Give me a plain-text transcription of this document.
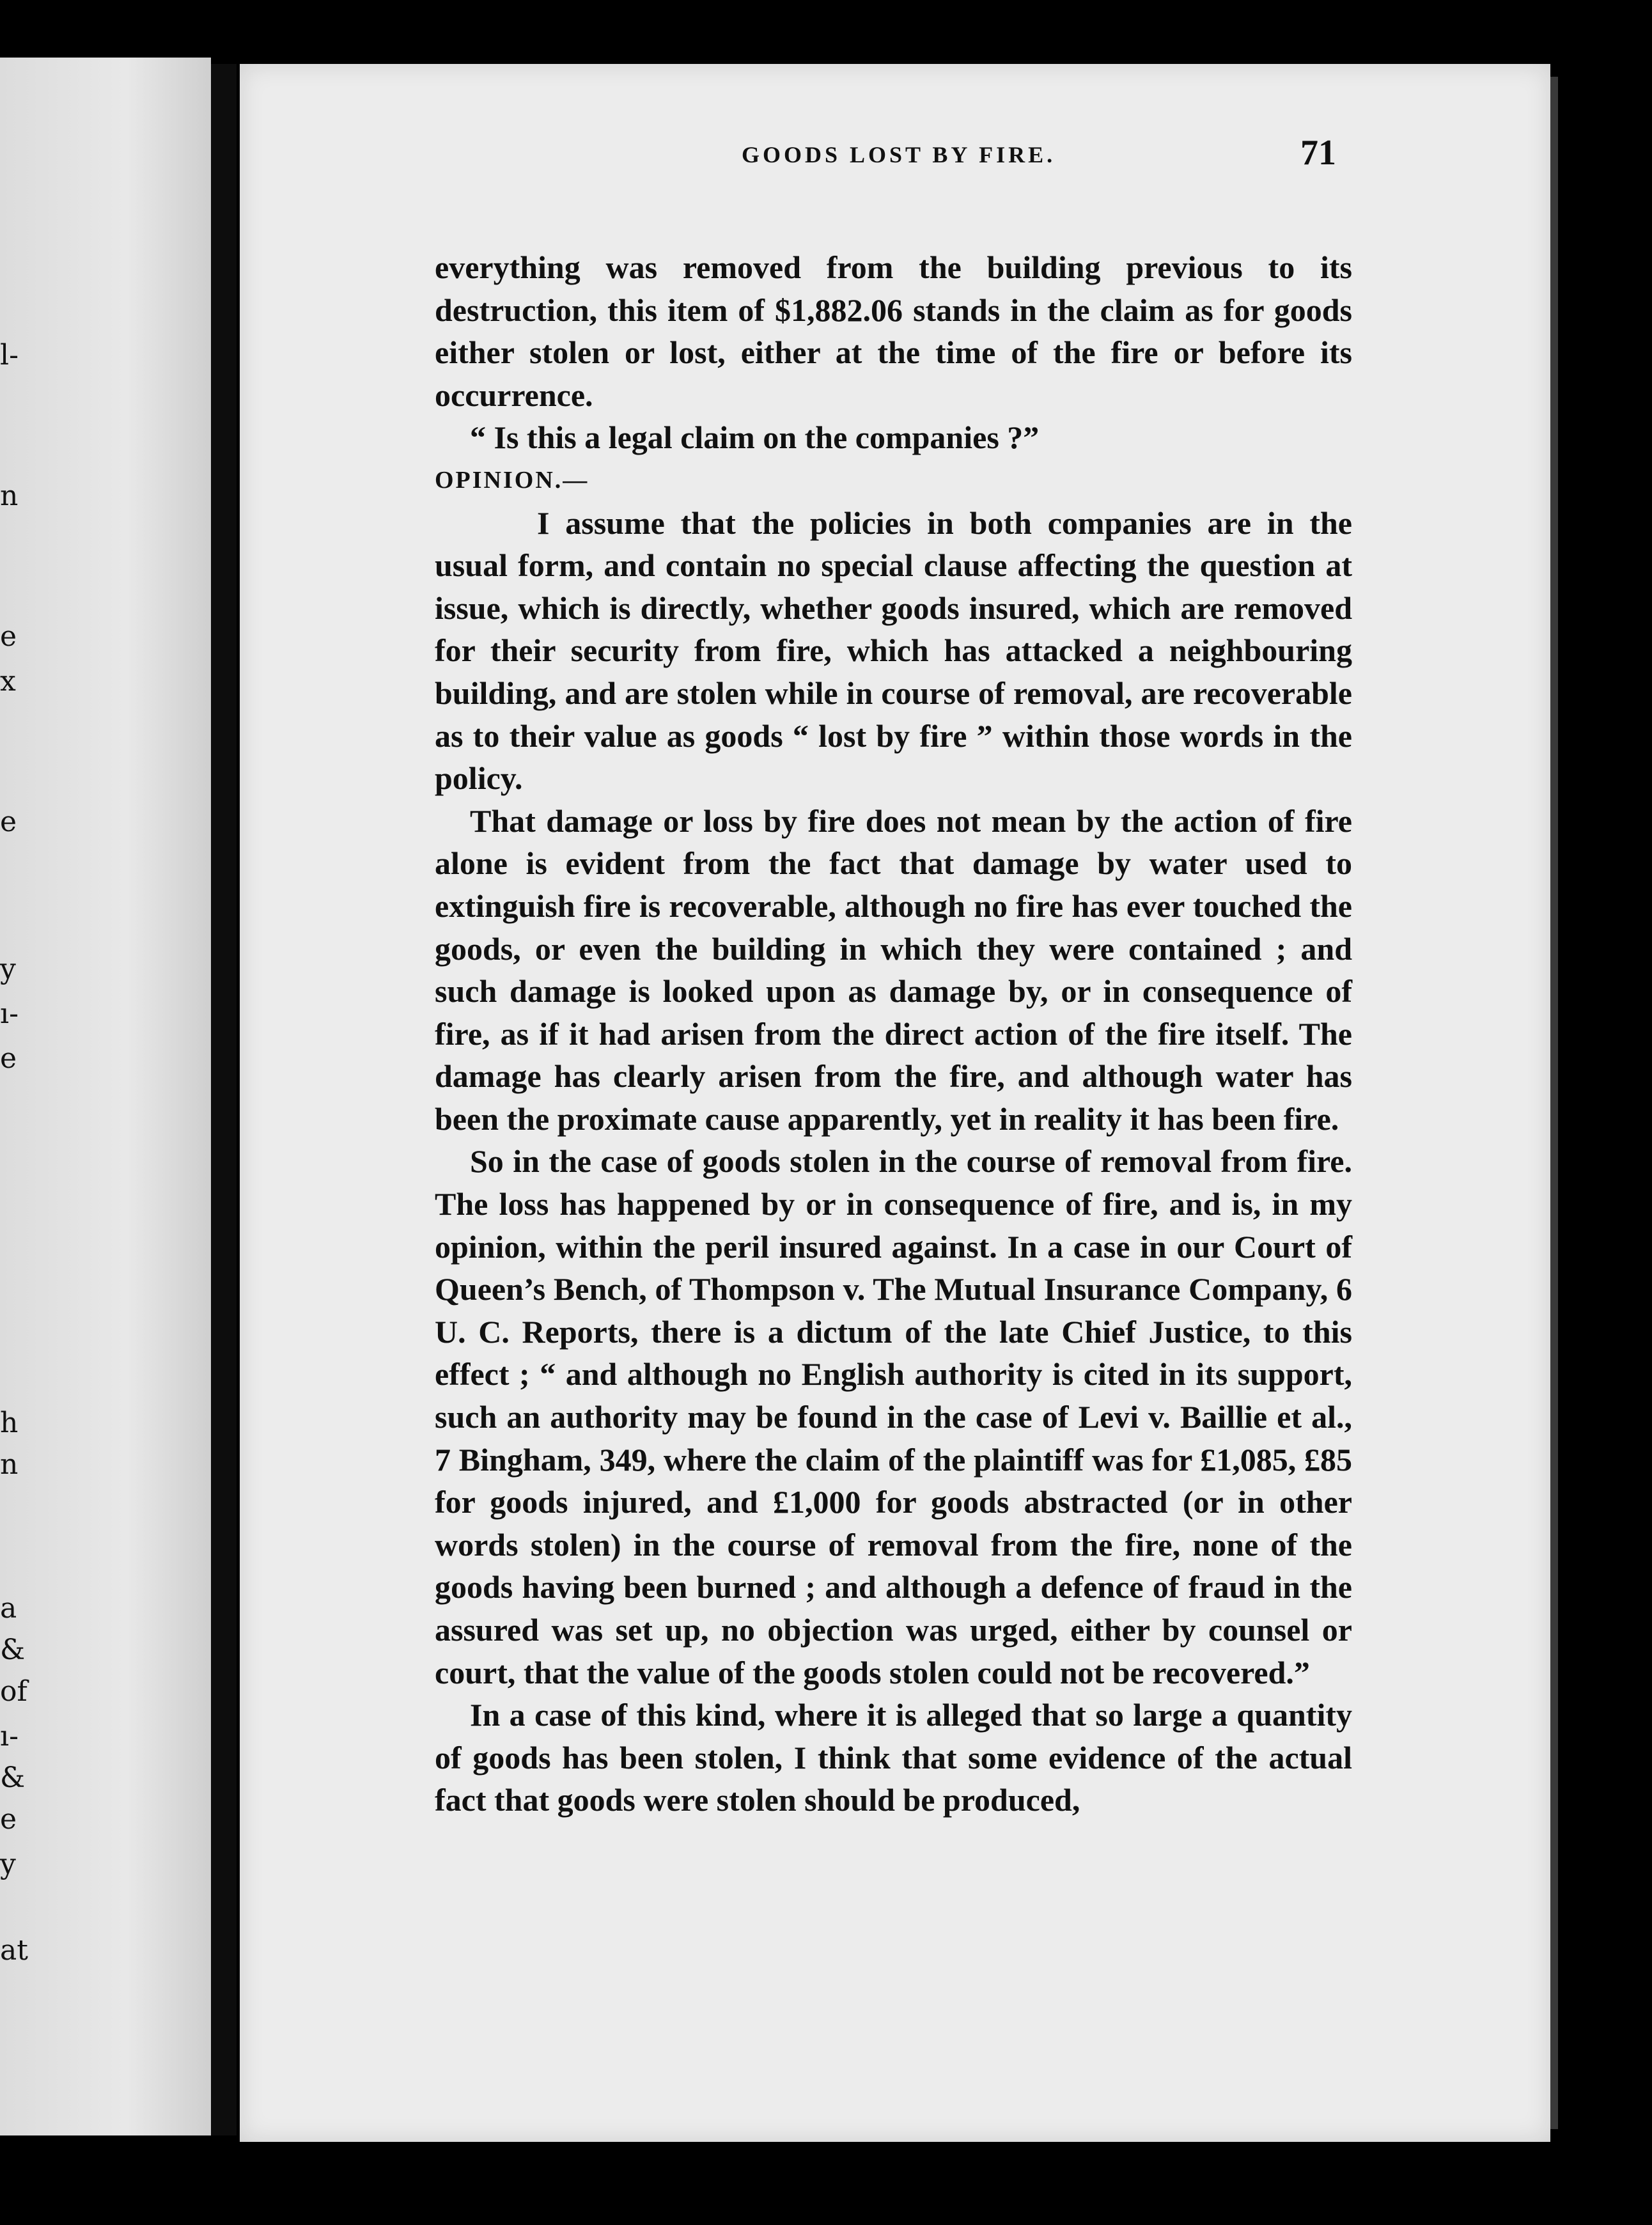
l-
n
e
x
e
y
ı-
e
h
n
a
&
of
ı-
&
e
y
at
GOODS LOST BY FIRE.	71

everything was removed from the building previous to its destruction, this item of $1,882.06 stands in the claim as for goods either stolen or lost, either at the time of the fire or before its occurrence.

“ Is this a legal claim on the companies ?”

OPINION.—

I assume that the policies in both companies are in the usual form, and contain no special clause affecting the question at issue, which is directly, whether goods insured, which are removed for their security from fire, which has attacked a neighbouring building, and are stolen while in course of removal, are recoverable as to their value as goods “ lost by fire ” within those words in the policy.

That damage or loss by fire does not mean by the action of fire alone is evident from the fact that damage by water used to extinguish fire is recoverable, although no fire has ever touched the goods, or even the building in which they were contained ; and such damage is looked upon as damage by, or in consequence of fire, as if it had arisen from the direct action of the fire itself. The damage has clearly arisen from the fire, and although water has been the proximate cause apparently, yet in reality it has been fire.

So in the case of goods stolen in the course of removal from fire. The loss has happened by or in consequence of fire, and is, in my opinion, within the peril insured against. In a case in our Court of Queen’s Bench, of Thompson v. The Mutual Insurance Company, 6 U. C. Reports, there is a dictum of the late Chief Justice, to this effect ; “ and although no English authority is cited in its support, such an authority may be found in the case of Levi v. Baillie et al., 7 Bingham, 349, where the claim of the plaintiff was for £1,085, £85 for goods injured, and £1,000 for goods abstracted (or in other words stolen) in the course of removal from the fire, none of the goods having been burned ; and although a defence of fraud in the assured was set up, no objection was urged, either by counsel or court, that the value of the goods stolen could not be recovered.”

In a case of this kind, where it is alleged that so large a quantity of goods has been stolen, I think that some evidence of the actual fact that goods were stolen should be produced,
